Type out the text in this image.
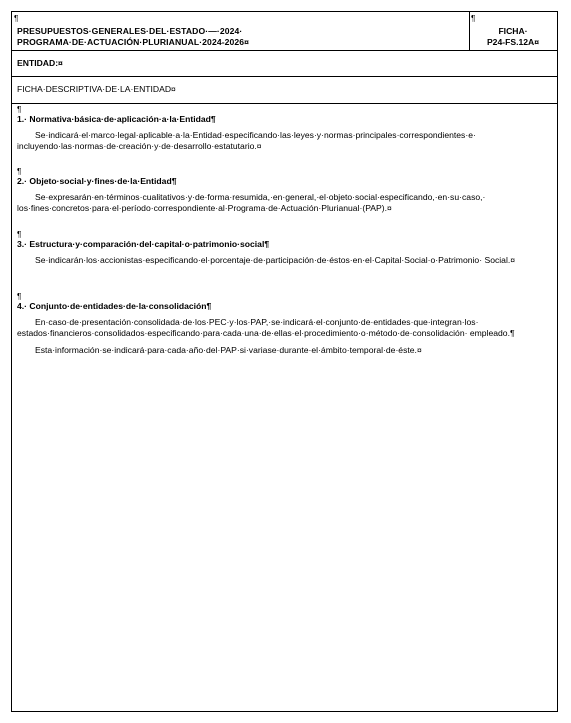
¶
PRESUPUESTOS·GENERALES·DEL·ESTADO·—·2024·
PROGRAMA·DE·ACTUACIÓN·PLURIANUAL·2024-2026¤
¶
FICHA·
P24-FS.12A¤
ENTIDAD:¤
FICHA·DESCRIPTIVA·DE·LA·ENTIDAD¤
¶
1.· Normativa·básica·de·aplicación·a·la·Entidad¶

Se·indicará·el·marco·legal·aplicable·a·la·Entidad·especificando·las·leyes·y·normas·principales·correspondientes·e· incluyendo·las·normas·de·creación·y·de·desarrollo·estatutario.¤

¶
2.· Objeto·social·y·fines·de·la·Entidad¶

Se·expresarán·en·términos·cualitativos·y·de·forma·resumida,·en·general,·el·objeto·social·especificando,·en·su·caso,· los·fines·concretos·para·el·período·correspondiente·al·Programa·de·Actuación·Plurianual·(PAP).¤

¶
3.· Estructura·y·comparación·del·capital·o·patrimonio·social¶

Se·indicarán·los·accionistas·especificando·el·porcentaje·de·participación·de·éstos·en·el·Capital·Social·o·Patrimonio· Social.¤

¶
4.· Conjunto·de·entidades·de·la·consolidación¶

En·caso·de·presentación·consolidada·de·los·PEC·y·los·PAP,·se·indicará·el·conjunto·de·entidades·que·integran·los· estados·financieros·consolidados·especificando·para·cada·una·de·ellas·el·procedimiento·o·método·de·consolidación· empleado.¶

Esta·información·se·indicará·para·cada·año·del·PAP·si·variase·durante·el·ámbito·temporal·de·éste.¤
